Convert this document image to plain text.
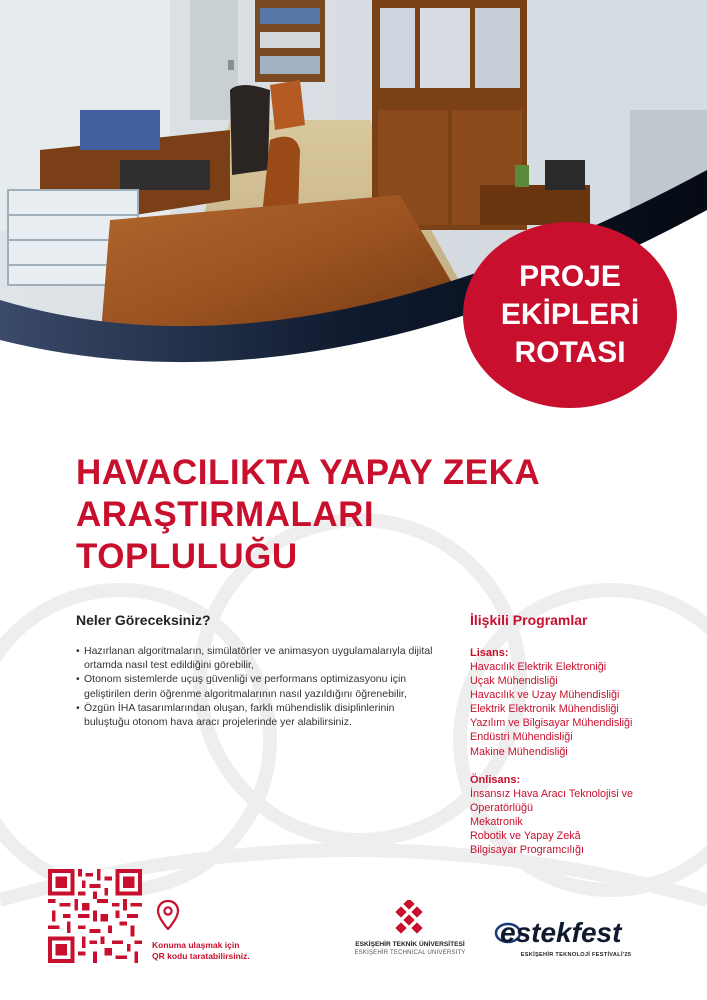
PROJE
EKİPLERİ
ROTASI
HAVACILIKTA YAPAY ZEKA
ARAŞTIRMALARI
TOPLULUĞU
Neler Göreceksiniz?
• Hazırlanan algoritmaların, simülatörler ve animasyon uygulamalarıyla dijital ortamda nasıl test edildiğini görebilir,
• Otonom sistemlerde uçuş güvenliği ve performans optimizasyonu için geliştirilen derin öğrenme algoritmalarının nasıl yazıldığını öğrenebilir,
• Özgün İHA tasarımlarından oluşan, farklı mühendislik disiplinlerinin buluştuğu otonom hava aracı projelerinde yer alabilirsiniz.
İlişkili Programlar
Lisans:
Havacılık Elektrik Elektroniği
Uçak Mühendisliği
Havacılık ve Uzay Mühendisliği
Elektrik Elektronik Mühendisliği
Yazılım ve Bilgisayar Mühendisliği
Endüstri Mühendisliği
Makine Mühendisliği
Önlisans:
İnsansız Hava Aracı Teknolojisi ve
Operatörlüğü
Mekatronik
Robotik ve Yapay Zekâ
Bilgisayar Programcılığı
Konuma ulaşmak için
QR kodu taratabilirsiniz.
ESKİŞEHİR TEKNİK ÜNİVERSİTESİ
ESKİŞEHİR TECHNICAL UNIVERSITY
estekfest
ESKİŞEHİR TEKNOLOJİ FESTİVALİ'25
